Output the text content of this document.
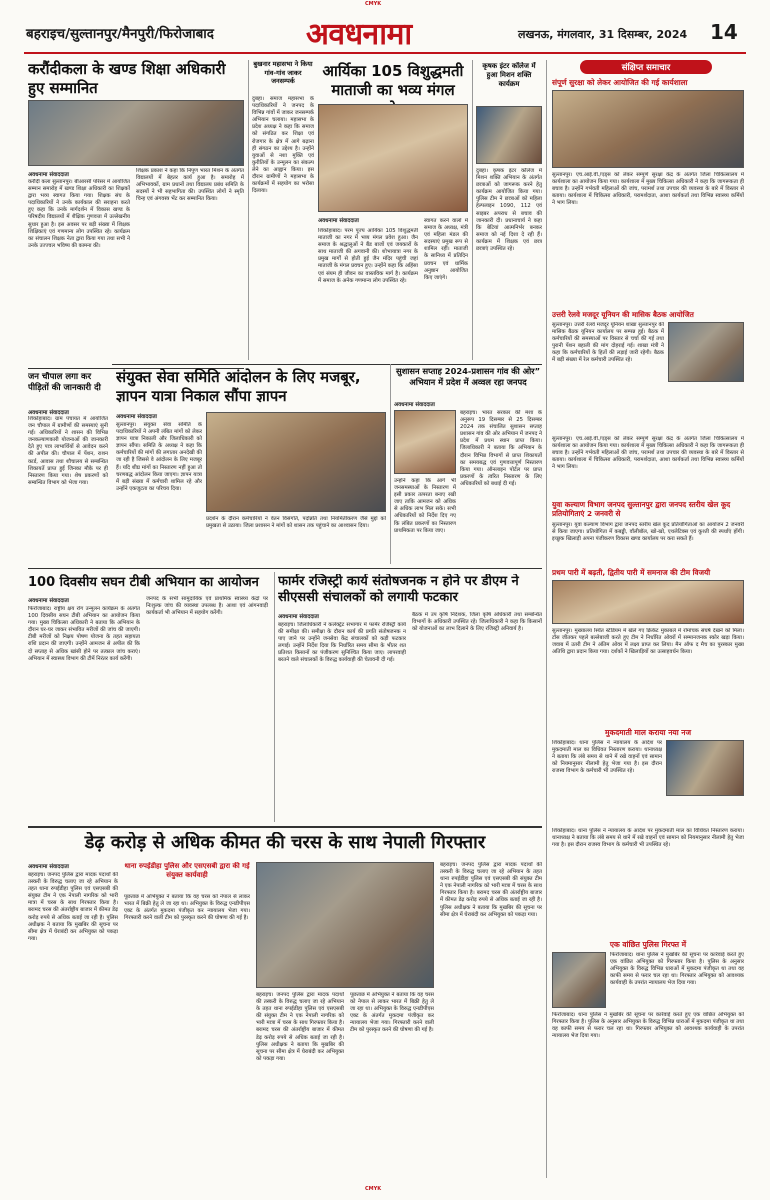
CMYK
बहराइच/सुल्तानपुर/मैनपुरी/फिरोजाबाद	अवधनामा	लखनऊ, मंगलवार, 31 दिसम्बर, 2024 14
करौंदीकला के खण्ड शिक्षा अधिकारी हुए सम्मानित
अवधनामा संवाददाता
करौंदी कला सुल्तानपुर। बीआरसी परिसर में आयोजित सम्मान समारोह में खण्ड शिक्षा अधिकारी का शिक्षकों द्वारा भव्य स्वागत किया गया। शिक्षक संघ के पदाधिकारियों ने उनके कार्यकाल की सराहना करते हुए कहा कि उनके मार्गदर्शन में विकास खण्ड के परिषदीय विद्यालयों में शैक्षिक गुणवत्ता में उल्लेखनीय सुधार हुआ है। इस अवसर पर बड़ी संख्या में शिक्षक शिक्षिकाएं एवं गणमान्य लोग उपस्थित रहे। कार्यक्रम का संचालन शिक्षक नेता द्वारा किया गया तथा सभी ने उनके उज्ज्वल भविष्य की कामना की।
शिक्षक प्रकाश ने कहा कि निपुण भारत मिशन के अंतर्गत विद्यालयों में बेहतर कार्य हुआ है। समारोह में अभिभावकों, ग्राम प्रधानों तथा विद्यालय प्रबंध समिति के सदस्यों ने भी सहभागिता की। उपस्थित लोगों ने स्मृति चिन्ह एवं अंगवस्त्र भेंट कर सम्मानित किया।
जन चौपाल लगा कर पीड़ितों की जानकारी दी
अवधनामा संवाददाता
शिकोहाबाद। ग्राम पंचायत में आयोजित जन चौपाल में ग्रामीणों की समस्याएं सुनी गईं। अधिकारियों ने शासन की विभिन्न जनकल्याणकारी योजनाओं की जानकारी देते हुए पात्र लाभार्थियों से आवेदन करने की अपील की। चौपाल में पेंशन, राशन कार्ड, आवास तथा शौचालय से सम्बन्धित शिकायतें प्राप्त हुईं जिनका मौके पर ही निस्तारण किया गया। शेष प्रकरणों को सम्बन्धित विभाग को भेजा गया।
बुखनार महासभा ने किया गांव-गांव जाकर जनसम्पर्क
दुबहा। समाज महासभा के पदाधिकारियों ने जनपद के विभिन्न गांवों में जाकर जनसम्पर्क अभियान चलाया। महासभा के प्रदेश अध्यक्ष ने कहा कि समाज को संगठित कर शिक्षा एवं रोजगार के क्षेत्र में आगे बढ़ाना ही संगठन का उद्देश्य है। उन्होंने युवाओं से नशा मुक्ति एवं कुरीतियों के उन्मूलन का संकल्प लेने का आह्वान किया। इस दौरान ग्रामीणों ने महासभा के कार्यक्रमों में सहयोग का भरोसा दिलाया।
आर्यिका 105 विशुद्धमती माताजी का भव्य मंगल
अवधनामा संवाददाता
शिकोहाबाद। परम पूज्य आर्यिका 105 विशुद्धमती माताजी का नगर में भव्य मंगल प्रवेश हुआ। जैन समाज के श्रद्धालुओं ने बैंड बाजों एवं जयकारों के साथ माताजी की अगवानी की। शोभायात्रा नगर के प्रमुख मार्गों से होती हुई जैन मंदिर पहुंची जहां माताजी के मंगल प्रवचन हुए। उन्होंने कहा कि अहिंसा एवं संयम ही जीवन का वास्तविक मार्ग है। कार्यक्रम में समाज के अनेक गणमान्य लोग उपस्थित रहे।
स्वागत करने वालों में समाज के अध्यक्ष, मंत्री एवं महिला मंडल की सदस्याएं प्रमुख रूप से शामिल रहीं। माताजी के सानिध्य में प्रतिदिन प्रवचन एवं धार्मिक अनुष्ठान आयोजित किए जाएंगे।
कृषक इंटर कॉलेज में हुआ मिशन शक्ति कार्यक्रम
दुबहा। कृषक इंटर कॉलेज में मिशन शक्ति अभियान के अंतर्गत छात्राओं को जागरूक करने हेतु कार्यक्रम आयोजित किया गया। पुलिस टीम ने छात्राओं को महिला हेल्पलाइन 1090, 112 एवं साइबर अपराध से बचाव की जानकारी दी। प्रधानाचार्य ने कहा कि बेटियां आत्मनिर्भर बनकर समाज को नई दिशा दे रही हैं। कार्यक्रम में शिक्षक एवं छात्र छात्राएं उपस्थित रहे।
संक्षिप्त समाचार
संपूर्ण सुरक्षा को लेकर आयोजित की गई कार्यशाला
सुल्तानपुर। एच.आई.वी./एड्स को लेकर सम्पूर्ण सुरक्षा केंद्र के अंतर्गत जिला चिकित्सालय में कार्यशाला का आयोजन किया गया। कार्यशाला में मुख्य चिकित्सा अधिकारी ने कहा कि जागरूकता ही बचाव है। उन्होंने गर्भवती महिलाओं की जांच, परामर्श तथा उपचार की व्यवस्था के बारे में विस्तार से बताया। कार्यशाला में चिकित्सा अधिकारी, परामर्शदाता, आशा कार्यकर्ता तथा विभिन्न स्वास्थ्य कर्मियों ने भाग लिया।
उत्तरी रेलवे मजदूर यूनियन की मासिक बैठक आयोजित
सुल्तानपुर। उत्तरी रेलवे मजदूर यूनियन शाखा सुल्तानपुर की मासिक बैठक यूनियन कार्यालय पर सम्पन्न हुई। बैठक में कर्मचारियों की समस्याओं पर विस्तार से चर्चा की गई तथा पुरानी पेंशन बहाली की मांग दोहराई गई। शाखा मंत्री ने कहा कि कर्मचारियों के हितों की लड़ाई जारी रहेगी। बैठक में बड़ी संख्या में रेल कर्मचारी उपस्थित रहे।
सुल्तानपुर। एच.आई.वी./एड्स को लेकर सम्पूर्ण सुरक्षा केंद्र के अंतर्गत जिला चिकित्सालय में कार्यशाला का आयोजन किया गया। कार्यशाला में मुख्य चिकित्सा अधिकारी ने कहा कि जागरूकता ही बचाव है। उन्होंने गर्भवती महिलाओं की जांच, परामर्श तथा उपचार की व्यवस्था के बारे में विस्तार से बताया। कार्यशाला में चिकित्सा अधिकारी, परामर्शदाता, आशा कार्यकर्ता तथा विभिन्न स्वास्थ्य कर्मियों ने भाग लिया।
युवा कल्याण विभाग जनपद सुल्तानपुर द्वारा जनपद स्तरीय खेल कूद प्रतियोगिताएं 2 जनवरी से
सुल्तानपुर। युवा कल्याण विभाग द्वारा जनपद स्तरीय खेल कूद प्रतियोगिताओं का आयोजन 2 जनवरी से किया जाएगा। प्रतियोगिता में कबड्डी, वॉलीबॉल, खो-खो, एथलेटिक्स एवं कुश्ती की स्पर्धाएं होंगी। इच्छुक खिलाड़ी अपना पंजीकरण विकास खण्ड कार्यालय पर करा सकते हैं।
प्रथम पारी में बढ़ती, द्वितीय पारी में समनाज की टीम विजयी
सुल्तानपुर। मुख्यालय स्थित स्टेडियम में खेले गए क्रिकेट मुकाबले में रोमांचक संघर्ष देखने को मिला। टॉस जीतकर पहले बल्लेबाजी करते हुए टीम ने निर्धारित ओवरों में सम्मानजनक स्कोर खड़ा किया। जवाब में उतरी टीम ने अंतिम ओवर में लक्ष्य प्राप्त कर लिया। मैन ऑफ द मैच का पुरस्कार मुख्य अतिथि द्वारा प्रदान किया गया। दर्शकों ने खिलाड़ियों का उत्साहवर्धन किया।
मुकदमाती माल कराया नया नज
शिकोहाबाद। थाना पुलिस ने न्यायालय के आदेश पर मुकदमाती माल का विधिवत निस्तारण कराया। थानाध्यक्ष ने बताया कि लंबे समय से थाने में रखे वाहनों एवं सामान को नियमानुसार नीलामी हेतु भेजा गया है। इस दौरान राजस्व विभाग के कर्मचारी भी उपस्थित रहे।
शिकोहाबाद। थाना पुलिस ने न्यायालय के आदेश पर मुकदमाती माल का विधिवत निस्तारण कराया। थानाध्यक्ष ने बताया कि लंबे समय से थाने में रखे वाहनों एवं सामान को नियमानुसार नीलामी हेतु भेजा गया है। इस दौरान राजस्व विभाग के कर्मचारी भी उपस्थित रहे।
एक वांछित पुलिस गिरफ्त में
फिरोजाबाद। थाना पुलिस ने मुखबिर की सूचना पर कार्रवाई करते हुए एक वांछित अभियुक्त को गिरफ्तार किया है। पुलिस के अनुसार अभियुक्त के विरुद्ध विभिन्न धाराओं में मुकदमा पंजीकृत था तथा वह काफी समय से फरार चल रहा था। गिरफ्तार अभियुक्त को आवश्यक कार्यवाही के उपरांत न्यायालय भेज दिया गया।
फिरोजाबाद। थाना पुलिस ने मुखबिर की सूचना पर कार्रवाई करते हुए एक वांछित अभियुक्त को गिरफ्तार किया है। पुलिस के अनुसार अभियुक्त के विरुद्ध विभिन्न धाराओं में मुकदमा पंजीकृत था तथा वह काफी समय से फरार चल रहा था। गिरफ्तार अभियुक्त को आवश्यक कार्यवाही के उपरांत न्यायालय भेज दिया गया।
संयुक्त सेवा समिति आंदोलन के लिए मजबूर, ज्ञापन यात्रा निकाल सौंपा ज्ञापन
अवधनामा संवाददाता
सुल्तानपुर। संयुक्त सेवा समिति के पदाधिकारियों ने अपनी लंबित मांगों को लेकर ज्ञापन यात्रा निकाली और जिलाधिकारी को ज्ञापन सौंपा। समिति के अध्यक्ष ने कहा कि कर्मचारियों की मांगों की लगातार अनदेखी की जा रही है जिससे वे आंदोलन के लिए मजबूर हैं। यदि शीघ्र मांगों का निस्तारण नहीं हुआ तो चरणबद्ध आंदोलन किया जाएगा। ज्ञापन यात्रा में बड़ी संख्या में कर्मचारी शामिल रहे और उन्होंने एकजुटता का परिचय दिया।
प्रदर्शन के दौरान कर्मचारियों ने वेतन विसंगति, पदोन्नति तथा नियमितीकरण जैसे मुद्दों को प्रमुखता से उठाया। जिला प्रशासन ने मांगों को शासन तक पहुंचाने का आश्वासन दिया।
सुशासन सप्ताह 2024-प्रशासन गांव की ओर” अभियान में प्रदेश में अव्वल रहा जनपद
अवधनामा संवाददाता
बहराइच। भारत सरकार की मंशा के अनुरूप 19 दिसम्बर से 25 दिसम्बर 2024 तक संचालित सुशासन सप्ताह प्रशासन गांव की ओर अभियान में जनपद ने प्रदेश में प्रथम स्थान प्राप्त किया। जिलाधिकारी ने बताया कि अभियान के दौरान विभिन्न विभागों से प्राप्त शिकायतों का समयबद्ध एवं गुणवत्तापूर्ण निस्तारण किया गया। ऑनलाइन पोर्टल पर प्राप्त प्रकरणों के त्वरित निस्तारण के लिए अधिकारियों को बधाई दी गई।
उन्होंने कहा कि आगे भी जनसमस्याओं के निस्तारण में इसी प्रकार तत्परता बनाए रखी जाए ताकि आमजन को अधिक से अधिक लाभ मिल सके। सभी अधिकारियों को निर्देश दिए गए कि लंबित प्रकरणों का निस्तारण प्राथमिकता पर किया जाए।
100 दिवसीय सघन टीबी अभियान का आयोजन
अवधनामा संवाददाता
फिरोजाबाद। राष्ट्रीय क्षय रोग उन्मूलन कार्यक्रम के अंतर्गत 100 दिवसीय सघन टीबी अभियान का आयोजन किया गया। मुख्य चिकित्सा अधिकारी ने बताया कि अभियान के दौरान घर-घर जाकर संभावित मरीजों की जांच की जाएगी। टीबी मरीजों को निक्षय पोषण योजना के तहत सहायता राशि प्रदान की जाएगी। उन्होंने आमजन से अपील की कि दो सप्ताह से अधिक खांसी होने पर तत्काल जांच कराएं। अभियान में स्वास्थ्य विभाग की टीमें निरंतर कार्य करेंगी।
जनपद के सभी सामुदायिक एवं प्राथमिक स्वास्थ्य केंद्रों पर निःशुल्क जांच की व्यवस्था उपलब्ध है। आशा एवं आंगनवाड़ी कार्यकर्ता भी अभियान में सहयोग करेंगी।
फार्मर रजिस्ट्री कार्य संतोषजनक न होने पर डीएम ने सीएससी संचालकों को लगायी फटकार
अवधनामा संवाददाता
बहराइच। जिलाधिकारी ने कलेक्ट्रेट सभागार में फार्मर रजिस्ट्री कार्य की समीक्षा की। समीक्षा के दौरान कार्य की प्रगति संतोषजनक न पाए जाने पर उन्होंने जनसेवा केंद्र संचालकों को कड़ी फटकार लगाई। उन्होंने निर्देश दिया कि निर्धारित समय सीमा के भीतर शत प्रतिशत किसानों का पंजीकरण सुनिश्चित किया जाए। लापरवाही बरतने वाले संचालकों के विरुद्ध कार्यवाही की चेतावनी दी गई।
बैठक में उप कृषि निदेशक, जिला कृषि अधिकारी तथा सम्बन्धित विभागों के अधिकारी उपस्थित रहे। जिलाधिकारी ने कहा कि किसानों को योजनाओं का लाभ दिलाने के लिए रजिस्ट्री अनिवार्य है।
डेढ़ करोड़ से अधिक कीमत की चरस के साथ नेपाली गिरफ्तार
अवधनामा संवाददाता
बहराइच। जनपद पुलिस द्वारा मादक पदार्थों की तस्करी के विरुद्ध चलाए जा रहे अभियान के तहत थाना रुपईडीहा पुलिस एवं एसएसबी की संयुक्त टीम ने एक नेपाली नागरिक को भारी मात्रा में चरस के साथ गिरफ्तार किया है। बरामद चरस की अंतर्राष्ट्रीय बाजार में कीमत डेढ़ करोड़ रुपये से अधिक बताई जा रही है। पुलिस अधीक्षक ने बताया कि मुखबिर की सूचना पर सीमा क्षेत्र में घेराबंदी कर अभियुक्त को पकड़ा गया।
थाना रुपईडीहा पुलिस और एसएसबी द्वारा की गई संयुक्त कार्यवाही
पूछताछ में अभियुक्त ने बताया कि वह चरस को नेपाल से लाकर भारत में बिक्री हेतु ले जा रहा था। अभियुक्त के विरुद्ध एनडीपीएस एक्ट के अंतर्गत मुकदमा पंजीकृत कर न्यायालय भेजा गया। गिरफ्तारी करने वाली टीम को पुरस्कृत करने की घोषणा की गई है।
बहराइच। जनपद पुलिस द्वारा मादक पदार्थों की तस्करी के विरुद्ध चलाए जा रहे अभियान के तहत थाना रुपईडीहा पुलिस एवं एसएसबी की संयुक्त टीम ने एक नेपाली नागरिक को भारी मात्रा में चरस के साथ गिरफ्तार किया है। बरामद चरस की अंतर्राष्ट्रीय बाजार में कीमत डेढ़ करोड़ रुपये से अधिक बताई जा रही है। पुलिस अधीक्षक ने बताया कि मुखबिर की सूचना पर सीमा क्षेत्र में घेराबंदी कर अभियुक्त को पकड़ा गया।
पूछताछ में अभियुक्त ने बताया कि वह चरस को नेपाल से लाकर भारत में बिक्री हेतु ले जा रहा था। अभियुक्त के विरुद्ध एनडीपीएस एक्ट के अंतर्गत मुकदमा पंजीकृत कर न्यायालय भेजा गया। गिरफ्तारी करने वाली टीम को पुरस्कृत करने की घोषणा की गई है।
बहराइच। जनपद पुलिस द्वारा मादक पदार्थों की तस्करी के विरुद्ध चलाए जा रहे अभियान के तहत थाना रुपईडीहा पुलिस एवं एसएसबी की संयुक्त टीम ने एक नेपाली नागरिक को भारी मात्रा में चरस के साथ गिरफ्तार किया है। बरामद चरस की अंतर्राष्ट्रीय बाजार में कीमत डेढ़ करोड़ रुपये से अधिक बताई जा रही है। पुलिस अधीक्षक ने बताया कि मुखबिर की सूचना पर सीमा क्षेत्र में घेराबंदी कर अभियुक्त को पकड़ा गया।
CMYK
